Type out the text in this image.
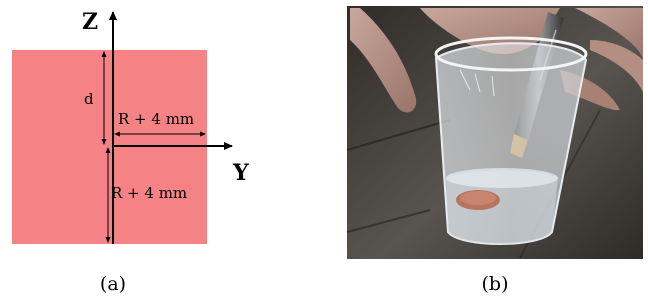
Z
Y
d
R + 4 mm
R + 4 mm
(a)	(b)
